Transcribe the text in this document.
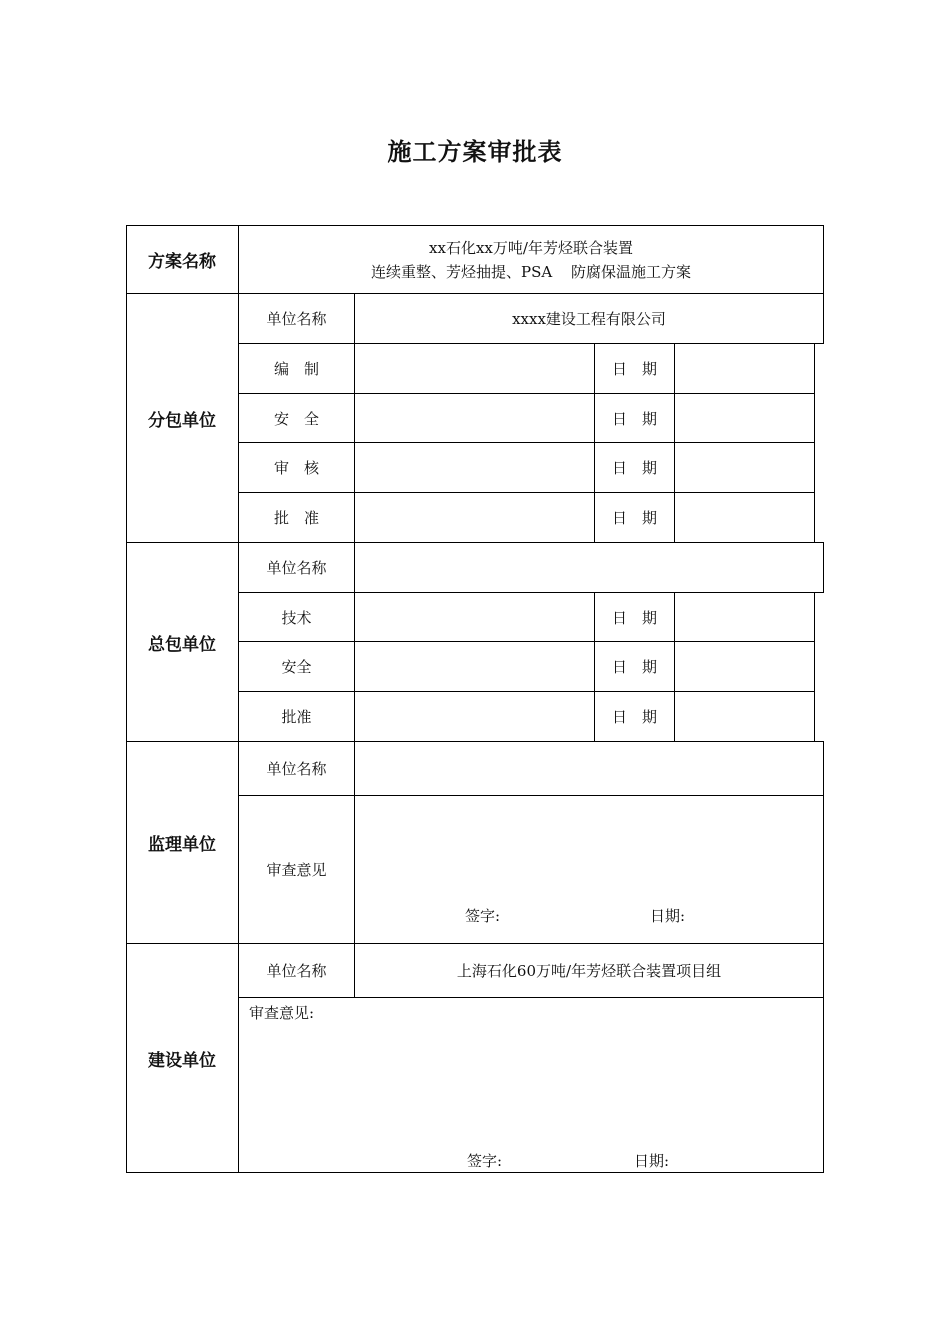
施工方案审批表
方案名称
xx石化xx万吨/年芳烃联合装置
连续重整、芳烃抽提、PSA 防腐保温施工方案
分包单位
单位名称	xxxx建设工程有限公司
编 制	日 期
安 全	日 期
审 核	日 期
批 准	日 期
总包单位
单位名称
技术	日 期
安全	日 期
批准	日 期
监理单位
单位名称
审查意见
签字:	日期:
建设单位
单位名称	上海石化60万吨/年芳烃联合装置项目组
审查意见:
签字:	日期:
